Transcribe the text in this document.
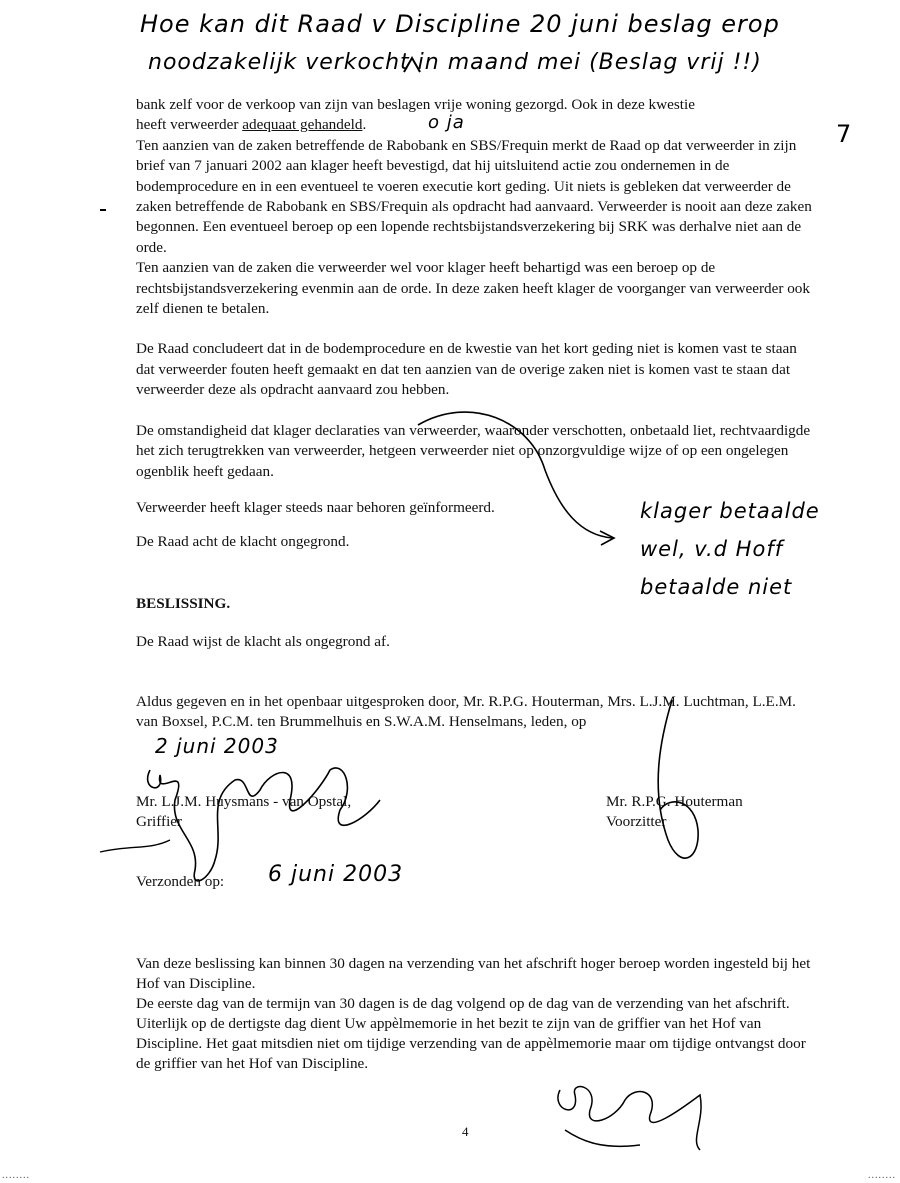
Hoe kan dit Raad v Discipline 20 juni beslag erop
noodzakelijk verkocht in maand mei (Beslag vrij !!)
o ja	7

bank zelf voor de verkoop van zijn van beslagen vrije woning gezorgd. Ook in deze kwestie
heeft verweerder adequaat gehandeld.

Ten aanzien van de zaken betreffende de Rabobank en SBS/Frequin merkt de Raad op dat verweerder in zijn brief van 7 januari 2002 aan klager heeft bevestigd, dat hij uitsluitend actie zou ondernemen in de bodemprocedure en in een eventueel te voeren executie kort geding. Uit niets is gebleken dat verweerder de zaken betreffende de Rabobank en SBS/Frequin als opdracht had aanvaard. Verweerder is nooit aan deze zaken begonnen. Een eventueel beroep op een lopende rechtsbijstandsverzekering bij SRK was derhalve niet aan de orde.

Ten aanzien van de zaken die verweerder wel voor klager heeft behartigd was een beroep op de rechtsbijstandsverzekering evenmin aan de orde. In deze zaken heeft klager de voorganger van verweerder ook zelf dienen te betalen.

De Raad concludeert dat in de bodemprocedure en de kwestie van het kort geding niet is komen vast te staan dat verweerder fouten heeft gemaakt en dat ten aanzien van de overige zaken niet is komen vast te staan dat verweerder deze als opdracht aanvaard zou hebben.

De omstandigheid dat klager declaraties van verweerder, waaronder verschotten, onbetaald liet, rechtvaardigde het zich terugtrekken van verweerder, hetgeen verweerder niet op onzorgvuldige wijze of op een ongelegen ogenblik heeft gedaan.

Verweerder heeft klager steeds naar behoren geïnformeerd.
De Raad acht de klacht ongegrond.
klager betaalde
wel, v.d Hoff
betaalde niet
BESLISSING.
De Raad wijst de klacht als ongegrond af.
Aldus gegeven en in het openbaar uitgesproken door, Mr. R.P.G. Houterman, Mrs. L.J.M. Luchtman, L.E.M. van Boxsel, P.C.M. ten Brummelhuis en S.W.A.M. Henselmans, leden, op
2 juni 2003
Mr. L.J.M. Huysmans - van Opstal,
Griffier
Mr. R.P.G. Houterman
Voorzitter
Verzonden op: 6 juni 2003
Van deze beslissing kan binnen 30 dagen na verzending van het afschrift hoger beroep worden ingesteld bij het Hof van Discipline.
De eerste dag van de termijn van 30 dagen is de dag volgend op de dag van de verzending van het afschrift. Uiterlijk op de dertigste dag dient Uw appèlmemorie in het bezit te zijn van de griffier van het Hof van Discipline. Het gaat mitsdien niet om tijdige verzending van de appèlmemorie maar om tijdige ontvangst door de griffier van het Hof van Discipline.
4
........	........
